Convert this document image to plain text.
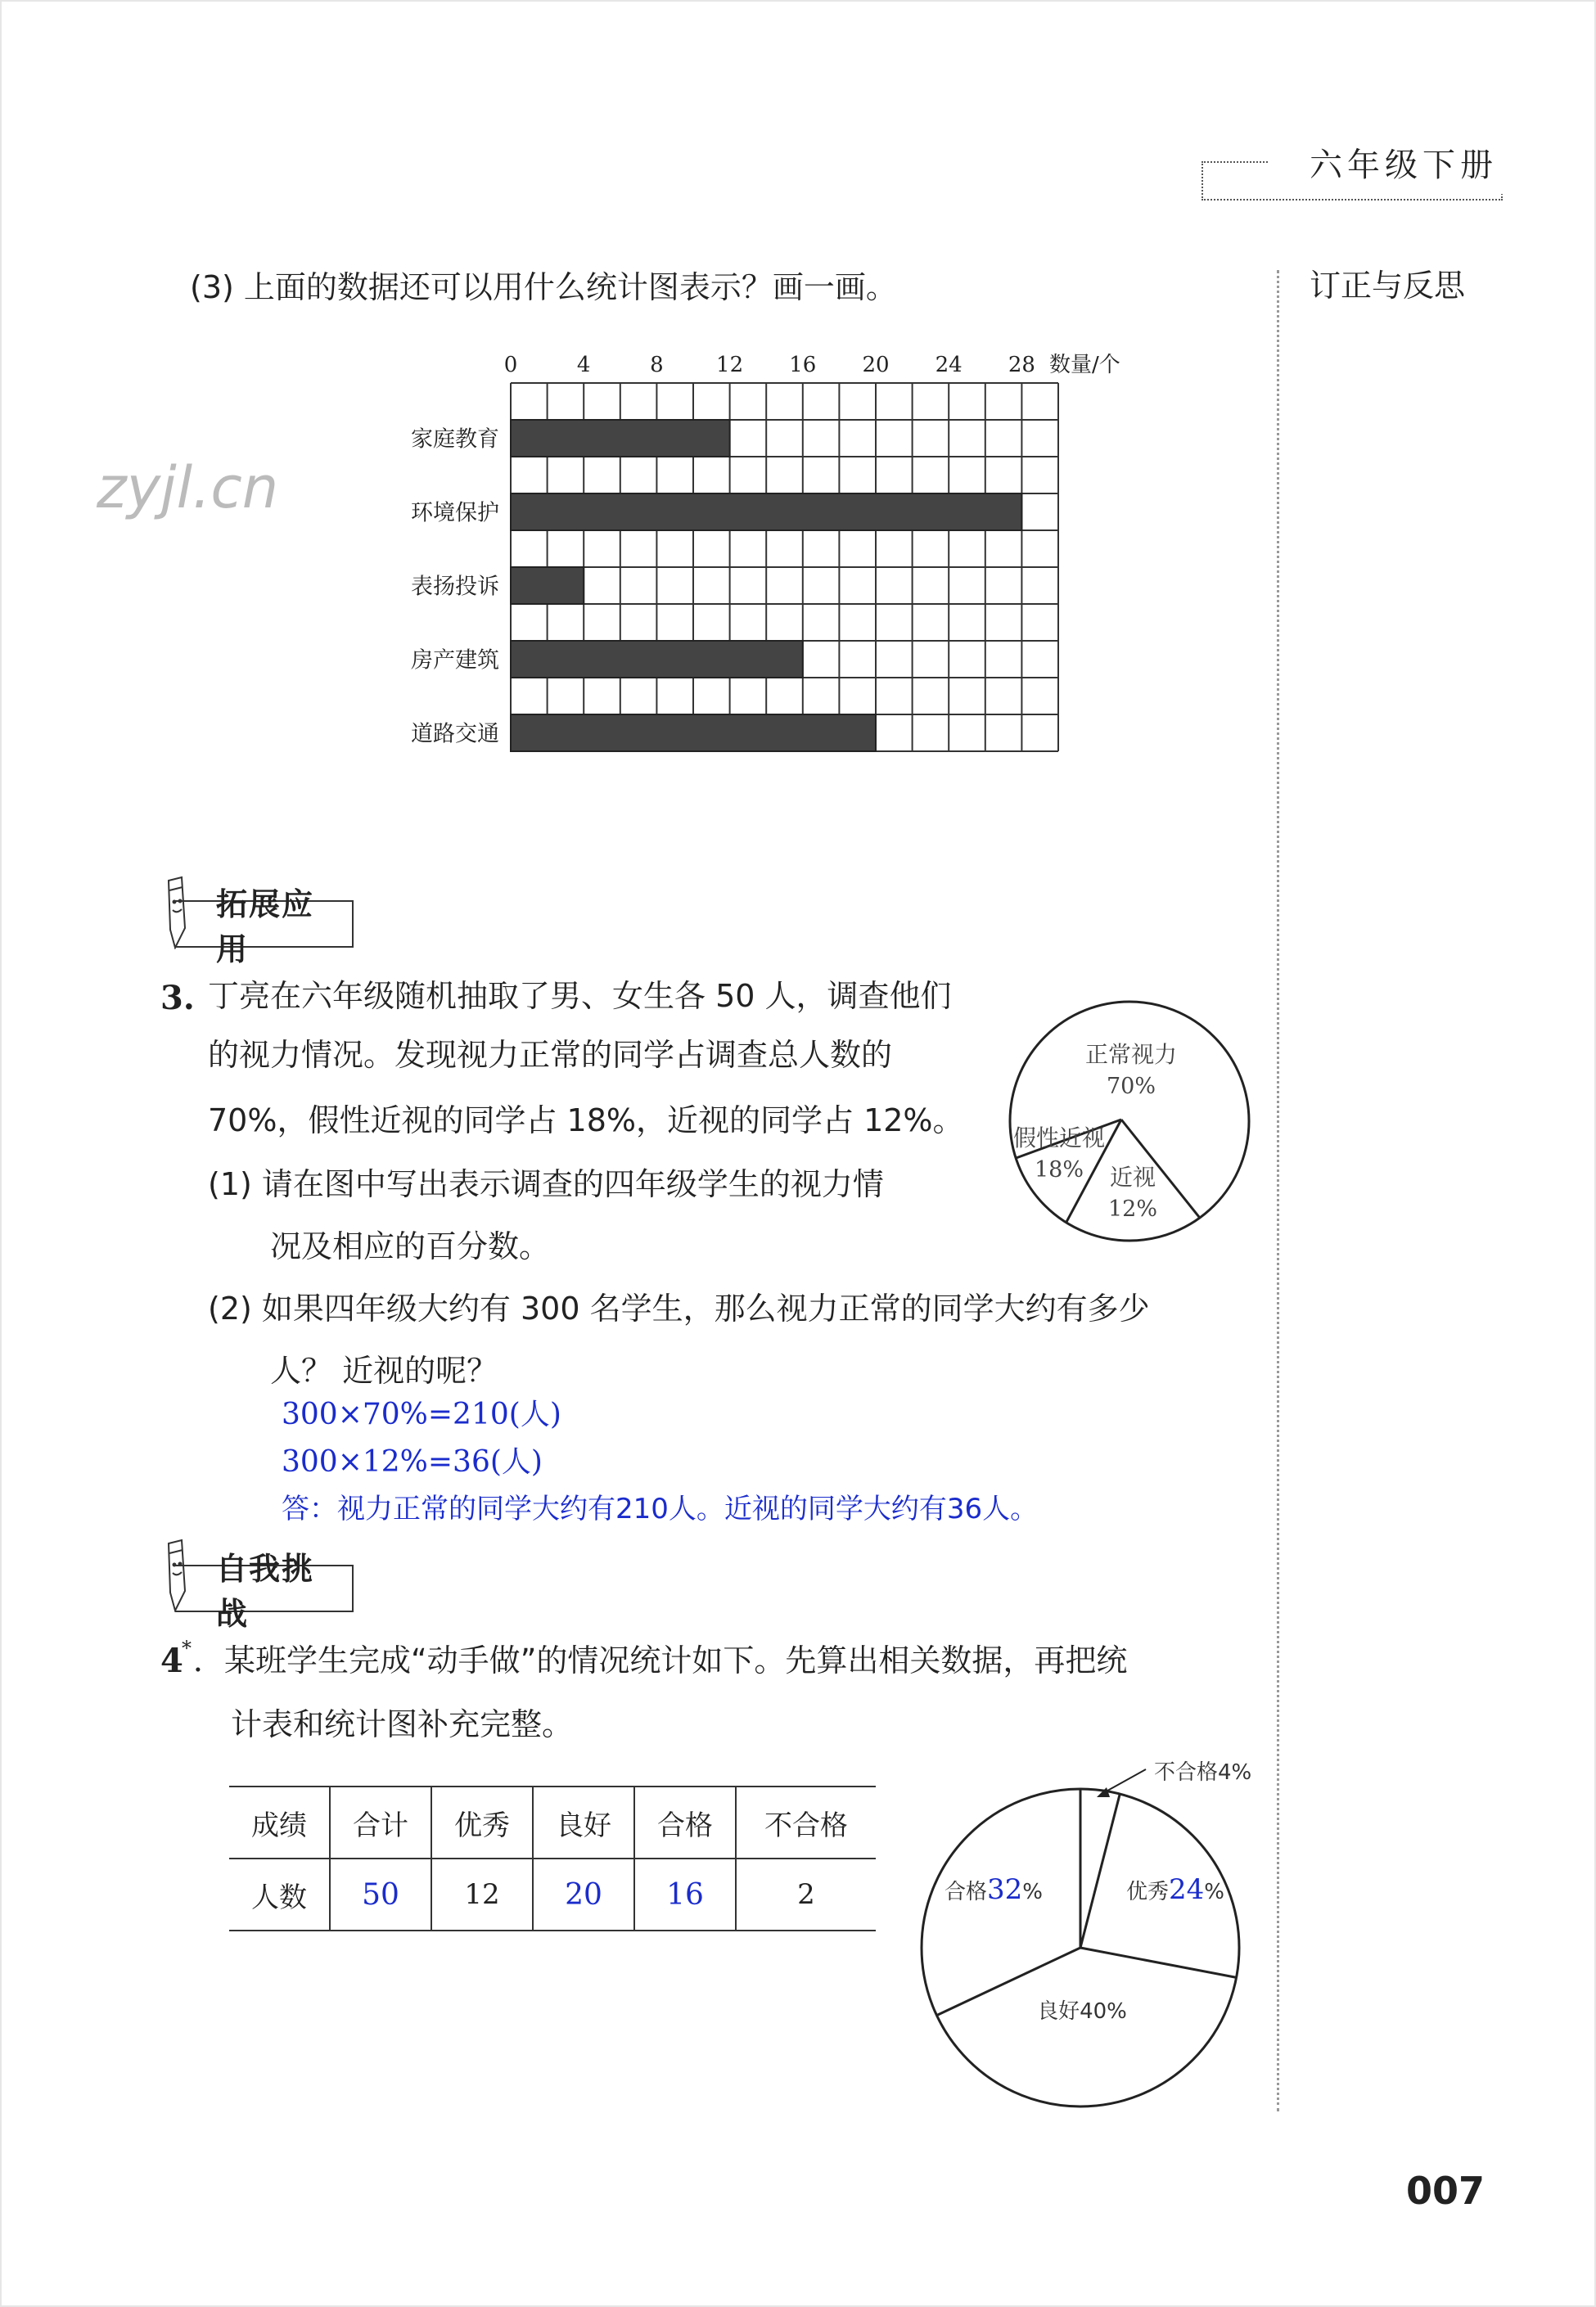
六年级下册
订正与反思
zyjl.cn
(3) 上面的数据还可以用什么统计图表示？画一画。
0	4	8 12 16 20 24 28
家庭教育
环境保护
表扬投诉
房产建筑
道路交通
数量/个
拓展应用
3. 丁亮在六年级随机抽取了男、女生各 50 人，调查他们
的视力情况。发现视力正常的同学占调查总人数的
70%，假性近视的同学占 18%，近视的同学占 12%。
(1) 请在图中写出表示调查的四年级学生的视力情
况及相应的百分数。
(2) 如果四年级大约有 300 名学生，那么视力正常的同学大约有多少
人？ 近视的呢？
300×70%=210(人)
300×12%=36(人)
答：视力正常的同学大约有210人。近视的同学大约有36人。
正常视力
70%
假性近视
18% 近视
12%
自我挑战
4
* ．某班学生完成“动手做”的情况统计如下。先算出相关数据，再把统
计表和统计图补充完整。
成绩	合计	优秀	良好	合格	不合格
人数	50	12	20	16	2
不合格4%
优秀24%
良好40%
合格32%
007
